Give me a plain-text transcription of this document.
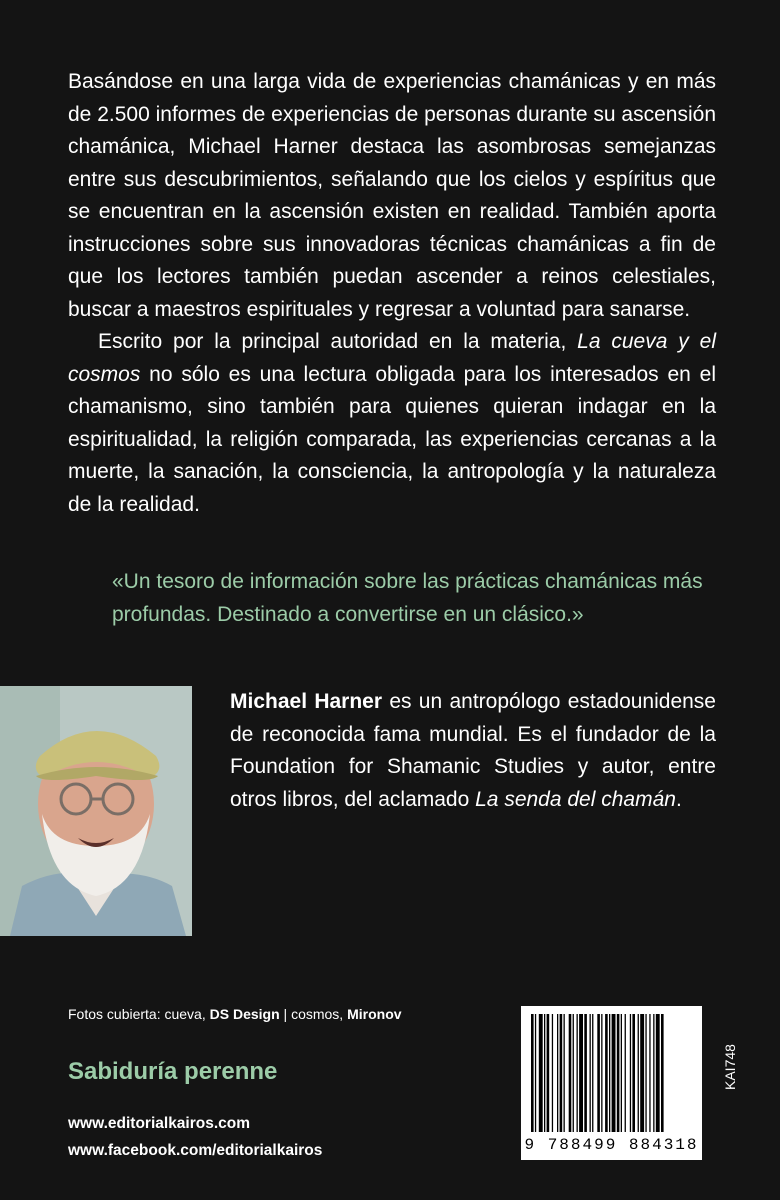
Basándose en una larga vida de experiencias chamánicas y en más de 2.500 informes de experiencias de personas durante su ascensión chamánica, Michael Harner destaca las asombrosas semejanzas entre sus descubrimientos, señalando que los cielos y espíritus que se encuentran en la ascensión existen en realidad. También aporta instrucciones sobre sus innovadoras técnicas chamánicas a fin de que los lectores también puedan ascender a reinos celestiales, buscar a maestros espirituales y regresar a voluntad para sanarse.

Escrito por la principal autoridad en la materia, La cueva y el cosmos no sólo es una lectura obligada para los interesados en el chamanismo, sino también para quienes quieran indagar en la espiritualidad, la religión comparada, las experiencias cercanas a la muerte, la sanación, la consciencia, la antropología y la naturaleza de la realidad.

«Un tesoro de información sobre las prácticas chamánicas más profundas. Destinado a convertirse en un clásico.»
Michael Harner es un antropólogo estadounidense de reconocida fama mundial. Es el fundador de la Foundation for Shamanic Studies y autor, entre otros libros, del aclamado La senda del chamán.
Fotos cubierta: cueva, DS Design | cosmos, Mironov
Sabiduría perenne
www.editorialkairos.com
www.facebook.com/editorialkairos	9 788499 884318
KAI748
